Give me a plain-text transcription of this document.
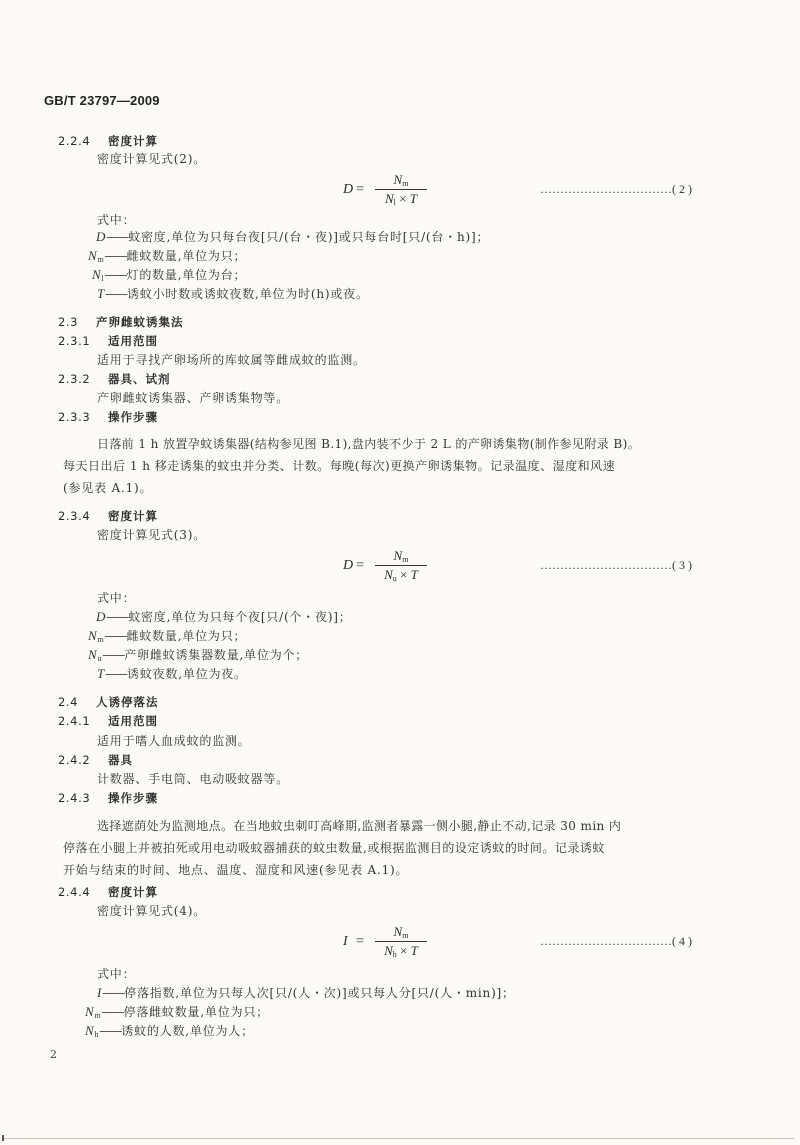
GB/T 23797—2009
2.2.4 密度计算
密度计算见式(2)。
D =
$N_m$
$N_l \times T$
……………………………( 2 )
式中：
D——蚊密度,单位为只每台夜[只/(台・夜)]或只每台时[只/(台・h)]；
$N_m——$雌蚊数量,单位为只；
$N_l——$灯的数量,单位为台；
T——诱蚊小时数或诱蚊夜数,单位为时(h)或夜。
2.3 产卵雌蚊诱集法
2.3.1 适用范围
适用于寻找产卵场所的库蚊属等雌成蚊的监测。
2.3.2 器具、试剂
产卵雌蚊诱集器、产卵诱集物等。
2.3.3 操作步骤
日落前 1 h 放置孕蚊诱集器(结构参见图 B.1),盘内装不少于 2 L 的产卵诱集物(制作参见附录 B)。
每天日出后 1 h 移走诱集的蚊虫并分类、计数。每晚(每次)更换产卵诱集物。记录温度、湿度和风速
(参见表 A.1)。
2.3.4 密度计算
密度计算见式(3)。
D =
$N_m$
$N_u \times T$
……………………………( 3 )
式中：
D——蚊密度,单位为只每个夜[只/(个・夜)]；
$N_m——$雌蚊数量,单位为只；
$N_u——$产卵雌蚊诱集器数量,单位为个；
T——诱蚊夜数,单位为夜。
2.4 人诱停落法
2.4.1 适用范围
适用于嗜人血成蚊的监测。
2.4.2 器具
计数器、手电筒、电动吸蚊器等。
2.4.3 操作步骤
选择遮荫处为监测地点。在当地蚊虫刺叮高峰期,监测者暴露一侧小腿,静止不动,记录 30 min 内
停落在小腿上并被拍死或用电动吸蚊器捕获的蚊虫数量,或根据监测目的设定诱蚊的时间。记录诱蚊
开始与结束的时间、地点、温度、湿度和风速(参见表 A.1)。
2.4.4 密度计算
密度计算见式(4)。
I =
$N_m$
$N_h \times T$
……………………………( 4 )
式中：
I——停落指数,单位为只每人次[只/(人・次)]或只每人分[只/(人・min)]；
$N_m——$停落雌蚊数量,单位为只；
$N_h——$诱蚊的人数,单位为人；
2
